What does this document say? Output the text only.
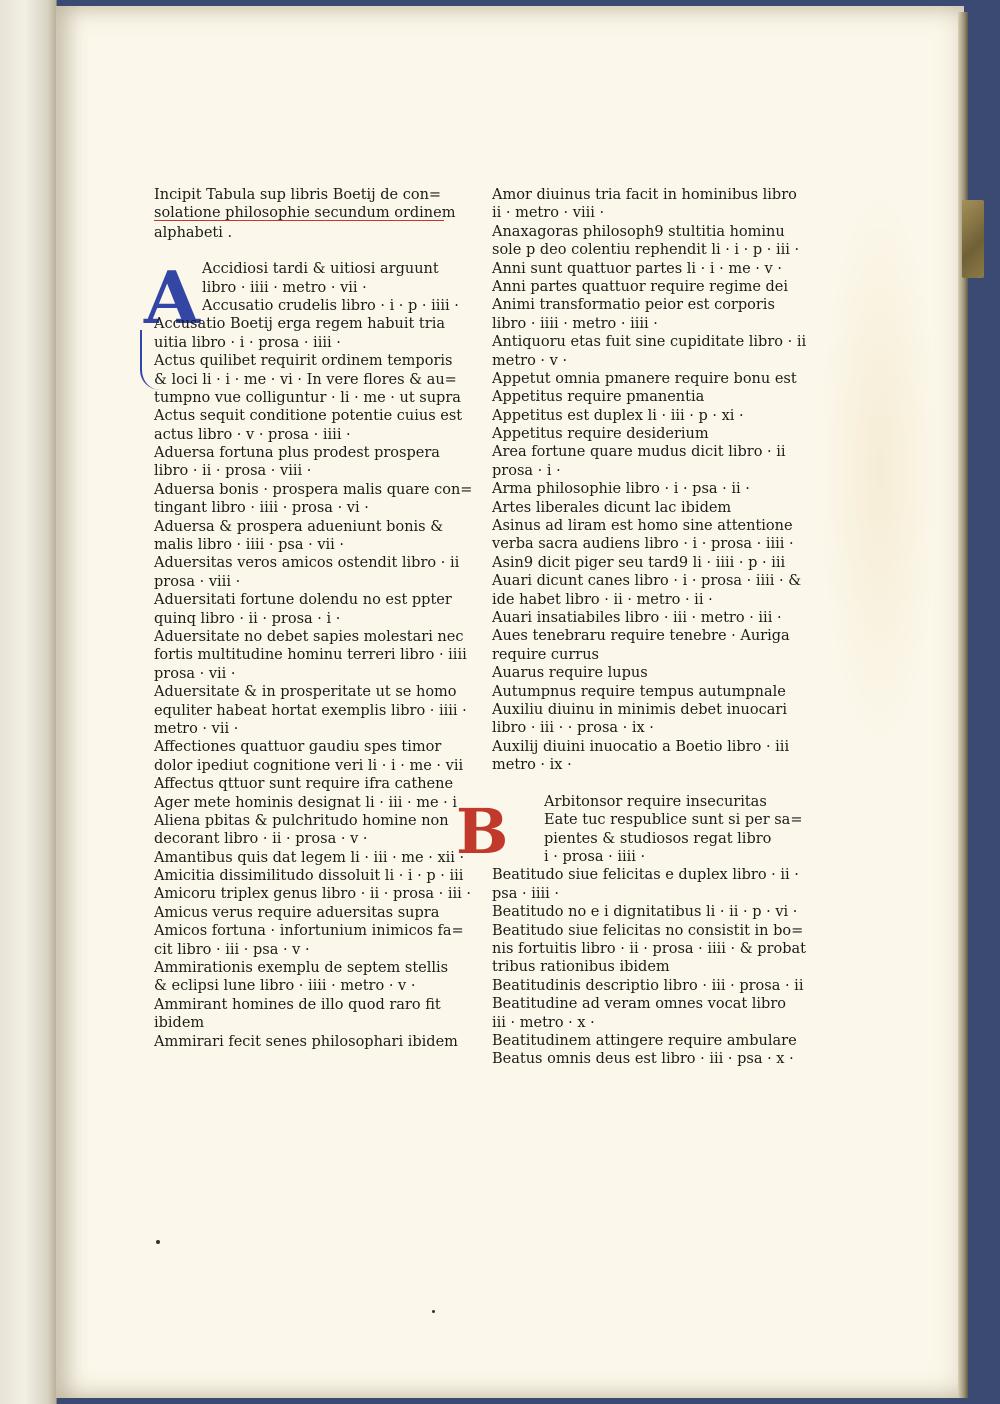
A
B
Incipit Tabula sup libris Boetij de con=
solatione philosophie secundum ordinem
alphabeti .
Accidiosi tardi & uitiosi arguunt
libro · iiii · metro · vii ·
Accusatio crudelis libro · i · p · iiii ·
Accusatio Boetij erga regem habuit tria
uitia libro · i · prosa · iiii ·
Actus quilibet requirit ordinem temporis
& loci li · i · me · vi · In vere flores & au=
tumpno vue colliguntur · li · me · ut supra
Actus sequit conditione potentie cuius est
actus libro · v · prosa · iiii ·
Aduersa fortuna plus prodest prospera
libro · ii · prosa · viii ·
Aduersa bonis · prospera malis quare con=
tingant libro · iiii · prosa · vi ·
Aduersa & prospera adueniunt bonis &
malis libro · iiii · psa · vii ·
Aduersitas veros amicos ostendit libro · ii
prosa · viii ·
Aduersitati fortune dolendu no est ppter
quinq libro · ii · prosa · i ·
Aduersitate no debet sapies molestari nec
fortis multitudine hominu terreri libro · iiii
prosa · vii ·
Aduersitate & in prosperitate ut se homo
equliter habeat hortat exemplis libro · iiii ·
metro · vii ·
Affectiones quattuor gaudiu spes timor
dolor ipediut cognitione veri li · i · me · vii
Affectus qttuor sunt require ifra cathene
Ager mete hominis designat li · iii · me · i
Aliena pbitas & pulchritudo homine non
decorant libro · ii · prosa · v ·
Amantibus quis dat legem li · iii · me · xii ·
Amicitia dissimilitudo dissoluit li · i · p · iii
Amicoru triplex genus libro · ii · prosa · iii ·
Amicus verus require aduersitas supra
Amicos fortuna · infortunium inimicos fa=
cit libro · iii · psa · v ·
Ammirationis exemplu de septem stellis
& eclipsi lune libro · iiii · metro · v ·
Ammirant homines de illo quod raro fit
ibidem
Ammirari fecit senes philosophari ibidem
Amor diuinus tria facit in hominibus libro
ii · metro · viii ·
Anaxagoras philosoph9 stultitia hominu
sole p deo colentiu rephendit li · i · p · iii ·
Anni sunt quattuor partes li · i · me · v ·
Anni partes quattuor require regime dei
Animi transformatio peior est corporis
libro · iiii · metro · iiii ·
Antiquoru etas fuit sine cupiditate libro · ii
metro · v ·
Appetut omnia pmanere require bonu est
Appetitus require pmanentia
Appetitus est duplex li · iii · p · xi ·
Appetitus require desiderium
Area fortune quare mudus dicit libro · ii
prosa · i ·
Arma philosophie libro · i · psa · ii ·
Artes liberales dicunt lac ibidem
Asinus ad liram est homo sine attentione
verba sacra audiens libro · i · prosa · iiii ·
Asin9 dicit piger seu tard9 li · iiii · p · iii
Auari dicunt canes libro · i · prosa · iiii · &
ide habet libro · ii · metro · ii ·
Auari insatiabiles libro · iii · metro · iii ·
Aues tenebraru require tenebre · Auriga
require currus
Auarus require lupus
Autumpnus require tempus autumpnale
Auxiliu diuinu in minimis debet inuocari
libro · iii · · prosa · ix ·
Auxilij diuini inuocatio a Boetio libro · iii
metro · ix ·
Arbitonsor require insecuritas
Eate tuc respublice sunt si per sa=
pientes & studiosos regat libro
i · prosa · iiii ·
Beatitudo siue felicitas e duplex libro · ii ·
psa · iiii ·
Beatitudo no e i dignitatibus li · ii · p · vi ·
Beatitudo siue felicitas no consistit in bo=
nis fortuitis libro · ii · prosa · iiii · & probat
tribus rationibus ibidem
Beatitudinis descriptio libro · iii · prosa · ii
Beatitudine ad veram omnes vocat libro
iii · metro · x ·
Beatitudinem attingere require ambulare
Beatus omnis deus est libro · iii · psa · x ·
